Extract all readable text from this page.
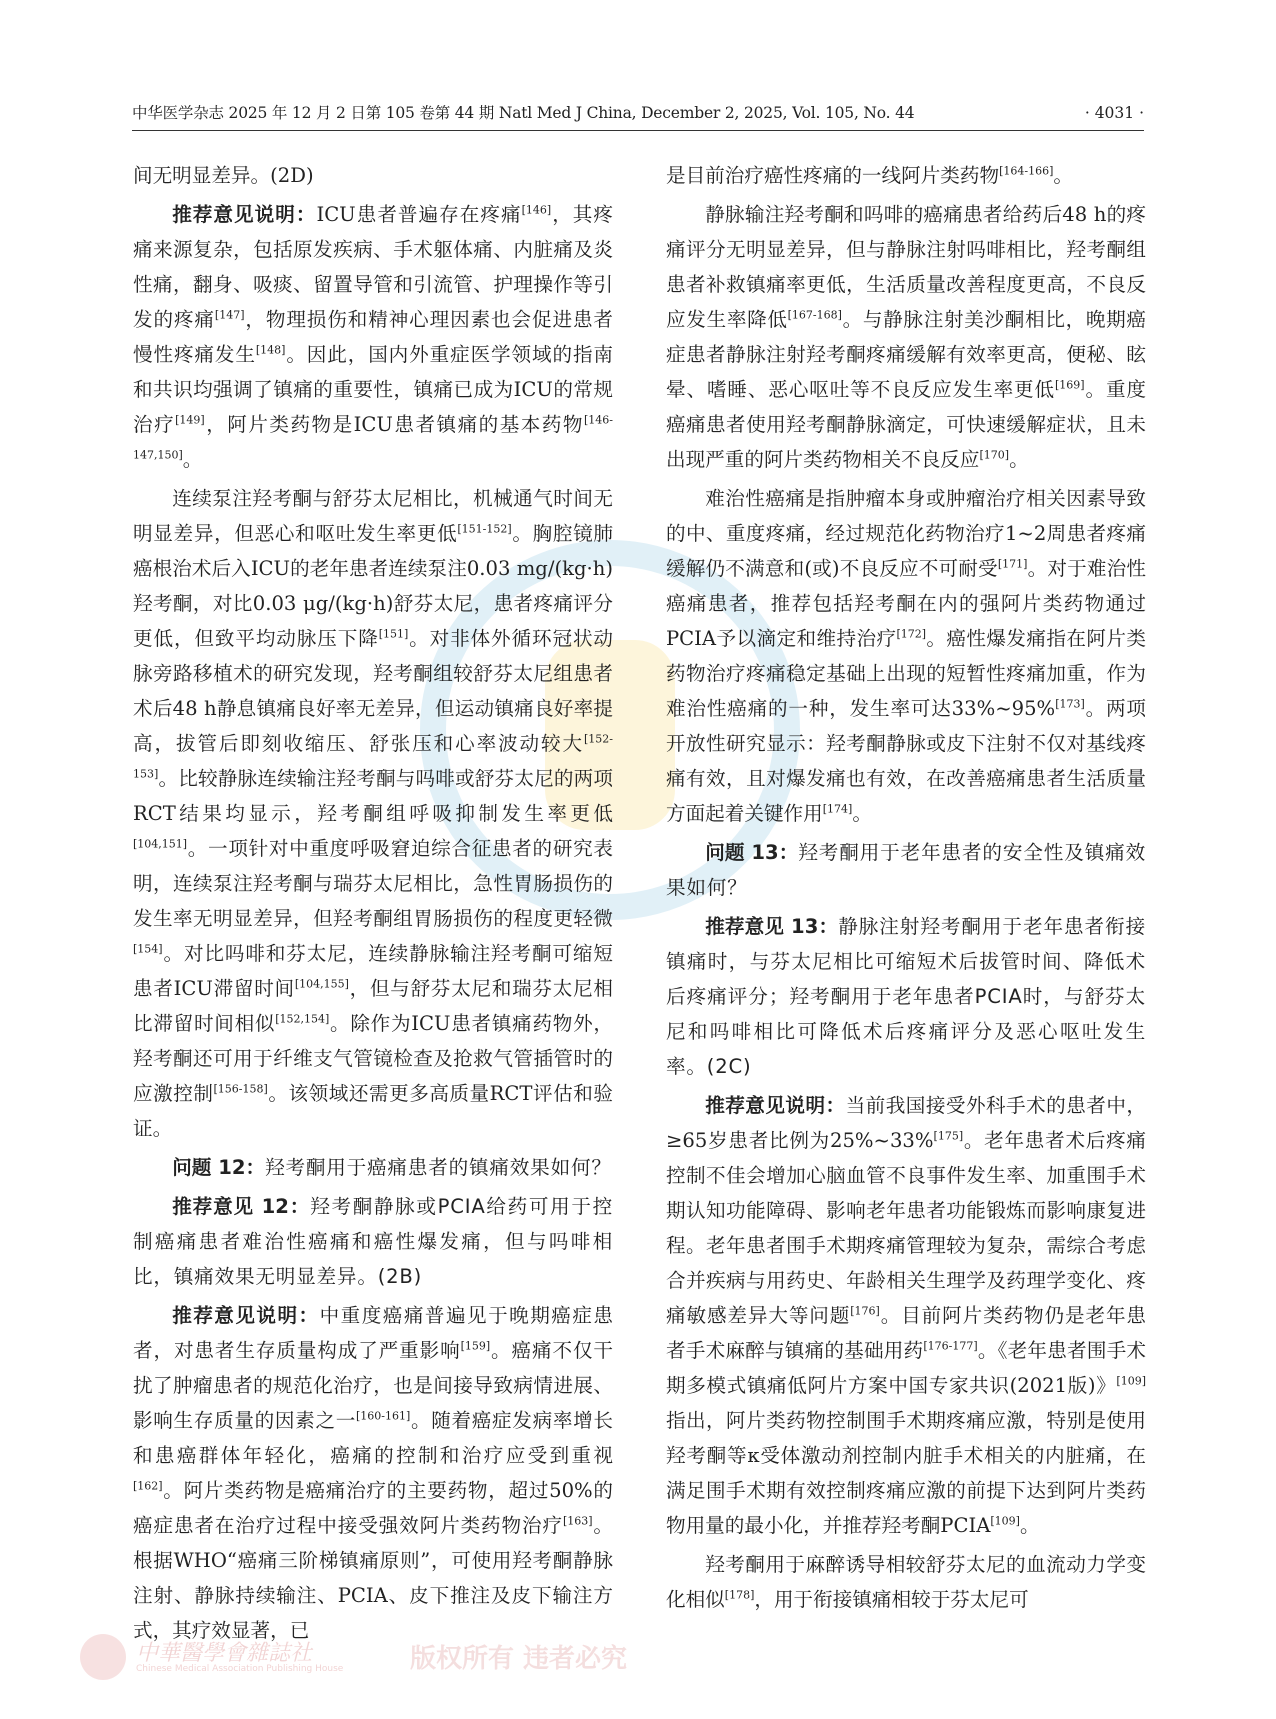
中华医学杂志 2025 年 12 月 2 日第 105 卷第 44 期 Natl Med J China, December 2, 2025, Vol. 105, No. 44	· 4031 ·

间无明显差异。(2D)

推荐意见说明：ICU患者普遍存在疼痛[146]，其疼痛来源复杂，包括原发疾病、手术躯体痛、内脏痛及炎性痛，翻身、吸痰、留置导管和引流管、护理操作等引发的疼痛[147]，物理损伤和精神心理因素也会促进患者慢性疼痛发生[148]。因此，国内外重症医学领域的指南和共识均强调了镇痛的重要性，镇痛已成为ICU的常规治疗[149]，阿片类药物是ICU患者镇痛的基本药物[146-147,150]。

连续泵注羟考酮与舒芬太尼相比，机械通气时间无明显差异，但恶心和呕吐发生率更低[151-152]。胸腔镜肺癌根治术后入ICU的老年患者连续泵注0.03 mg/(kg·h)羟考酮，对比0.03 μg/(kg·h)舒芬太尼，患者疼痛评分更低，但致平均动脉压下降[151]。对非体外循环冠状动脉旁路移植术的研究发现，羟考酮组较舒芬太尼组患者术后48 h静息镇痛良好率无差异，但运动镇痛良好率提高，拔管后即刻收缩压、舒张压和心率波动较大[152-153]。比较静脉连续输注羟考酮与吗啡或舒芬太尼的两项RCT结果均显示，羟考酮组呼吸抑制发生率更低[104,151]。一项针对中重度呼吸窘迫综合征患者的研究表明，连续泵注羟考酮与瑞芬太尼相比，急性胃肠损伤的发生率无明显差异，但羟考酮组胃肠损伤的程度更轻微[154]。对比吗啡和芬太尼，连续静脉输注羟考酮可缩短患者ICU滞留时间[104,155]，但与舒芬太尼和瑞芬太尼相比滞留时间相似[152,154]。除作为ICU患者镇痛药物外，羟考酮还可用于纤维支气管镜检查及抢救气管插管时的应激控制[156-158]。该领域还需更多高质量RCT评估和验证。

问题 12：羟考酮用于癌痛患者的镇痛效果如何？

推荐意见 12：羟考酮静脉或PCIA给药可用于控制癌痛患者难治性癌痛和癌性爆发痛，但与吗啡相比，镇痛效果无明显差异。(2B)

推荐意见说明：中重度癌痛普遍见于晚期癌症患者，对患者生存质量构成了严重影响[159]。癌痛不仅干扰了肿瘤患者的规范化治疗，也是间接导致病情进展、影响生存质量的因素之一[160-161]。随着癌症发病率增长和患癌群体年轻化，癌痛的控制和治疗应受到重视[162]。阿片类药物是癌痛治疗的主要药物，超过50%的癌症患者在治疗过程中接受强效阿片类药物治疗[163]。根据WHO“癌痛三阶梯镇痛原则”，可使用羟考酮静脉注射、静脉持续输注、PCIA、皮下推注及皮下输注方式，其疗效显著，已

是目前治疗癌性疼痛的一线阿片类药物[164-166]。

静脉输注羟考酮和吗啡的癌痛患者给药后48 h的疼痛评分无明显差异，但与静脉注射吗啡相比，羟考酮组患者补救镇痛率更低，生活质量改善程度更高，不良反应发生率降低[167-168]。与静脉注射美沙酮相比，晚期癌症患者静脉注射羟考酮疼痛缓解有效率更高，便秘、眩晕、嗜睡、恶心呕吐等不良反应发生率更低[169]。重度癌痛患者使用羟考酮静脉滴定，可快速缓解症状，且未出现严重的阿片类药物相关不良反应[170]。

难治性癌痛是指肿瘤本身或肿瘤治疗相关因素导致的中、重度疼痛，经过规范化药物治疗1~2周患者疼痛缓解仍不满意和(或)不良反应不可耐受[171]。对于难治性癌痛患者，推荐包括羟考酮在内的强阿片类药物通过PCIA予以滴定和维持治疗[172]。癌性爆发痛指在阿片类药物治疗疼痛稳定基础上出现的短暂性疼痛加重，作为难治性癌痛的一种，发生率可达33%~95%[173]。两项开放性研究显示：羟考酮静脉或皮下注射不仅对基线疼痛有效，且对爆发痛也有效，在改善癌痛患者生活质量方面起着关键作用[174]。

问题 13：羟考酮用于老年患者的安全性及镇痛效果如何？

推荐意见 13：静脉注射羟考酮用于老年患者衔接镇痛时，与芬太尼相比可缩短术后拔管时间、降低术后疼痛评分；羟考酮用于老年患者PCIA时，与舒芬太尼和吗啡相比可降低术后疼痛评分及恶心呕吐发生率。(2C)

推荐意见说明：当前我国接受外科手术的患者中，≥65岁患者比例为25%~33%[175]。老年患者术后疼痛控制不佳会增加心脑血管不良事件发生率、加重围手术期认知功能障碍、影响老年患者功能锻炼而影响康复进程。老年患者围手术期疼痛管理较为复杂，需综合考虑合并疾病与用药史、年龄相关生理学及药理学变化、疼痛敏感差异大等问题[176]。目前阿片类药物仍是老年患者手术麻醉与镇痛的基础用药[176-177]。《老年患者围手术期多模式镇痛低阿片方案中国专家共识(2021版)》[109]指出，阿片类药物控制围手术期疼痛应激，特别是使用羟考酮等κ受体激动剂控制内脏手术相关的内脏痛，在满足围手术期有效控制疼痛应激的前提下达到阿片类药物用量的最小化，并推荐羟考酮PCIA[109]。

羟考酮用于麻醉诱导相较舒芬太尼的血流动力学变化相似[178]，用于衔接镇痛相较于芬太尼可

中華醫學會雜誌社
Chinese Medical Association Publishing House	版权所有 违者必究
